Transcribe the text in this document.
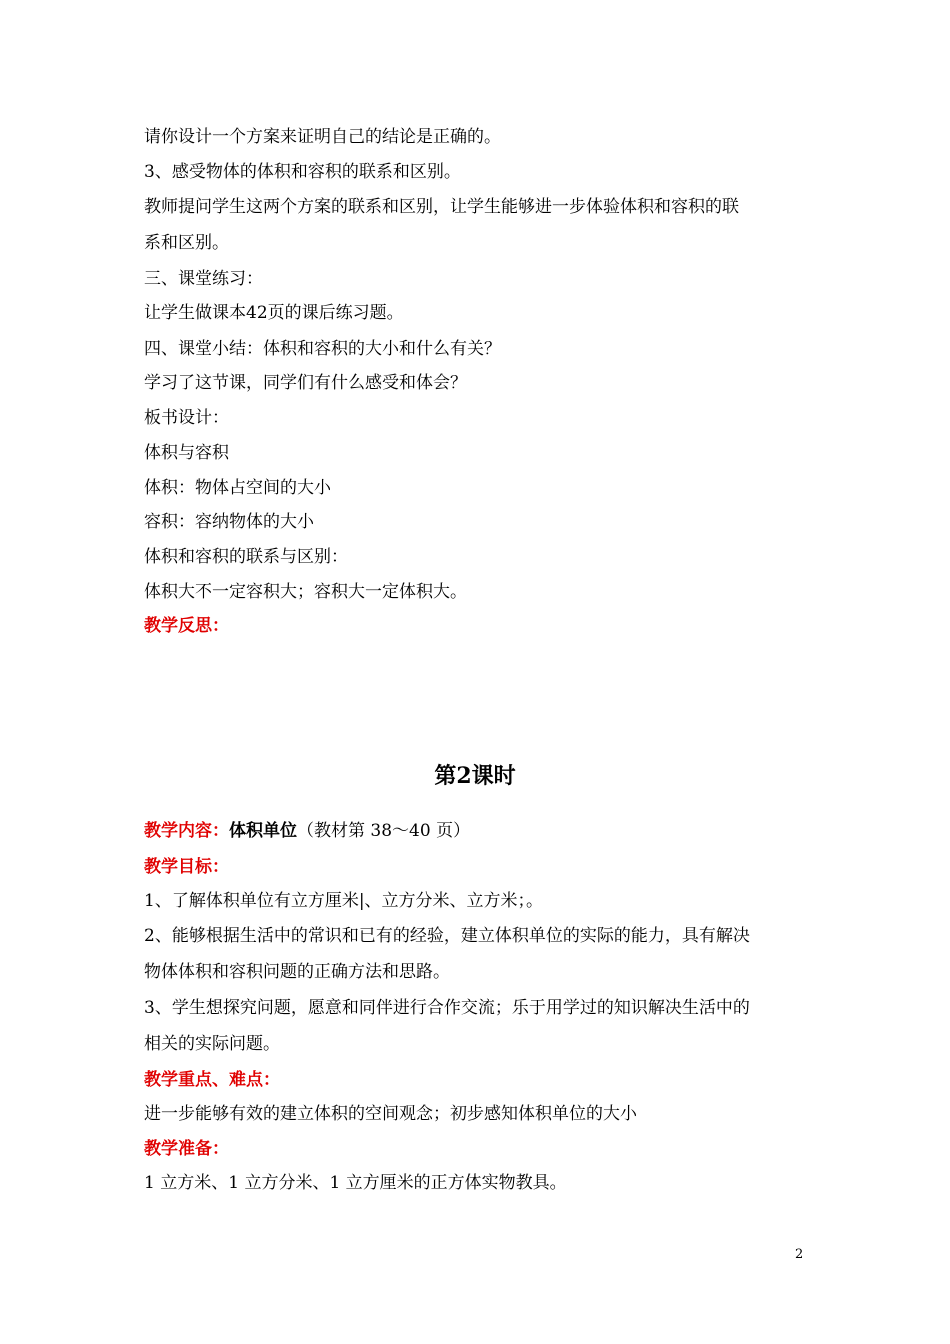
请你设计一个方案来证明自己的结论是正确的。
3、感受物体的体积和容积的联系和区别。
教师提问学生这两个方案的联系和区别，让学生能够进一步体验体积和容积的联
系和区别。
三、课堂练习：
让学生做课本42页的课后练习题。
四、课堂小结：体积和容积的大小和什么有关？
学习了这节课，同学们有什么感受和体会？
板书设计：
体积与容积
体积：物体占空间的大小
容积：容纳物体的大小
体积和容积的联系与区别：
体积大不一定容积大；容积大一定体积大。
教学反思：
第2课时
教学内容：体积单位（教材第 38～40 页）
教学目标：
1、了解体积单位有立方厘米|、立方分米、立方米；。
2、能够根据生活中的常识和已有的经验，建立体积单位的实际的能力，具有解决
物体体积和容积问题的正确方法和思路。
3、学生想探究问题，愿意和同伴进行合作交流；乐于用学过的知识解决生活中的
相关的实际问题。
教学重点、难点：
进一步能够有效的建立体积的空间观念；初步感知体积单位的大小
教学准备：
1 立方米、1 立方分米、1 立方厘米的正方体实物教具。
2
